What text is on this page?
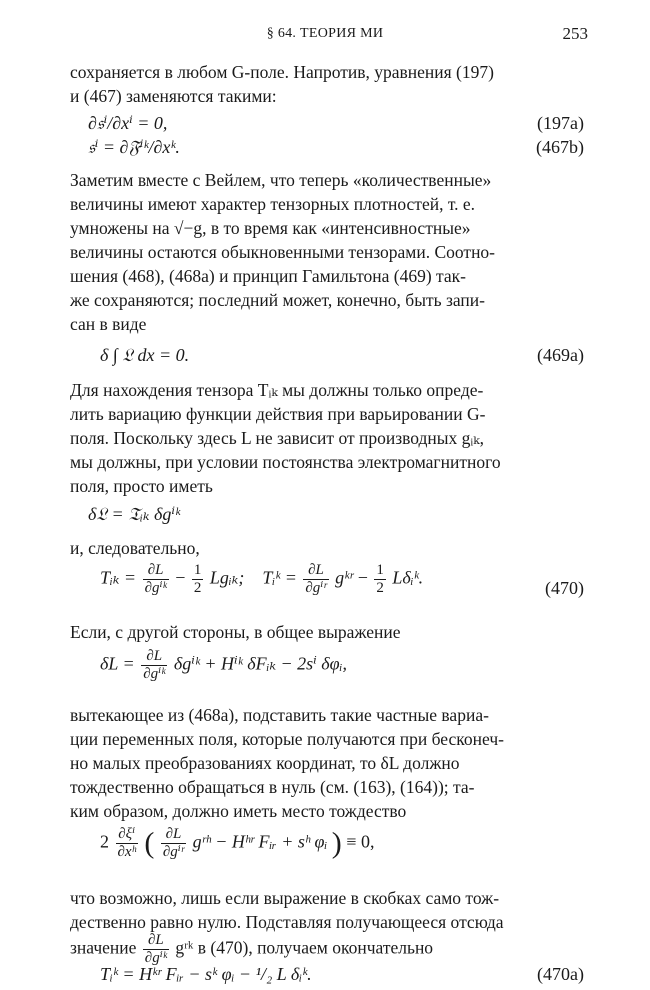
§ 64. ТЕОРИЯ МИ	253
сохраняется в любом G-поле. Напротив, уравнения (197)
и (467) заменяются такими:
∂𝔰ⁱ/∂xⁱ = 0,	(197a)
𝔰ⁱ = ∂𝔉ⁱᵏ/∂xᵏ.	(467b)
Заметим вместе с Вейлем, что теперь «количественные»
величины имеют характер тензорных плотностей, т. е.
умножены на √−g, в то время как «интенсивностные»
величины остаются обыкновенными тензорами. Соотно-
шения (468), (468a) и принцип Гамильтона (469) так-
же сохраняются; последний может, конечно, быть запи-
сан в виде
δ ∫ 𝔏 dx = 0.	(469a)
Для нахождения тензора Tᵢₖ мы должны только опреде-
лить вариацию функции действия при варьировании G-
поля. Поскольку здесь L не зависит от производных gᵢₖ,
мы должны, при условии постоянства электромагнитного
поля, просто иметь
δ𝔏 = 𝔗ᵢₖ δgⁱᵏ
и, следовательно,
Tᵢₖ = $\frac{\partial L}{\text{∂gⁱᵏ}} - \frac{1}{2}$ Lgᵢₖ; Tᵢᵏ = $\frac{\partial L}{\text{∂gⁱʳ}}$ gᵏʳ − $\frac{1}{2}$ Lδᵢᵏ.
(470)
Если, с другой стороны, в общее выражение
$\delta L = \frac{\partial L}{\text{∂gⁱᵏ}}$ δgⁱᵏ + Hⁱᵏ δFᵢₖ − 2sⁱ δφᵢ,
вытекающее из (468a), подставить такие частные вариа-
ции переменных поля, которые получаются при бесконеч-
но малых преобразованиях координат, то δL должно
тождественно обращаться в нуль (см. (163), (164)); та-
ким образом, должно иметь место тождество
$2 \frac{\text{∂ξⁱ}}{\text{∂xʰ}}$ ( $\frac{\partial L}{\text{∂gⁱʳ}}$ gʳʰ − Hʰʳ Fᵢᵣ + sʰ φᵢ ) ≡ 0,
что возможно, лишь если выражение в скобках само тож-
дественно равно нулю. Подставляя получающееся отсюда
значение $\frac{\partial L}{\text{∂gⁱᵏ}}$ gʳᵏ в (470), получаем окончательно
Tᵢᵏ = Hᵏʳ Fᵢᵣ − sᵏ φᵢ − ¹/₂ L δᵢᵏ.	(470a)
